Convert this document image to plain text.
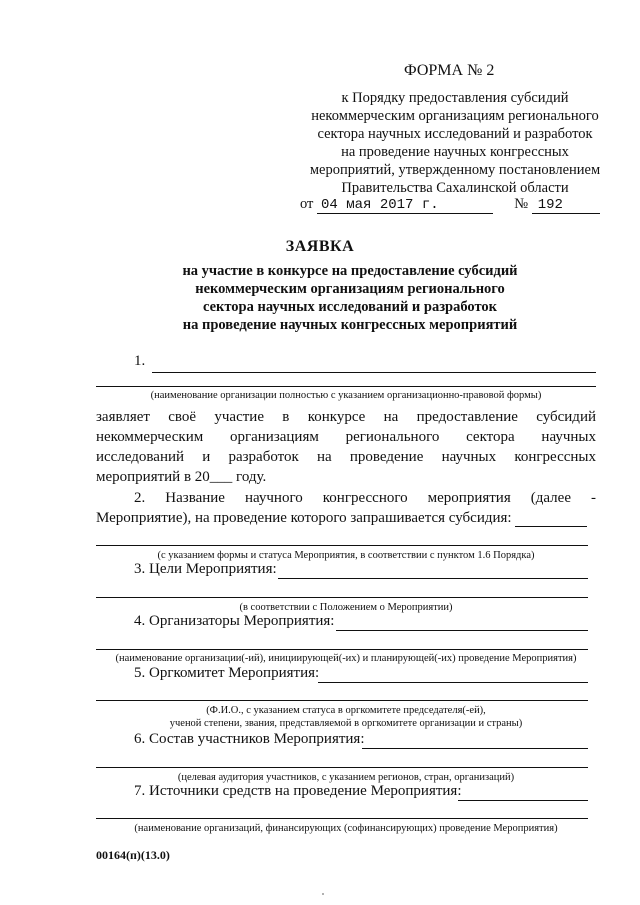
ФОРМА № 2
к Порядку предоставления субсидий
некоммерческим организациям регионального
сектора научных исследований и разработок
на проведение научных конгрессных
мероприятий, утвержденному постановлением
Правительства Сахалинской области
от 04 мая 2017 г.	№ 192
ЗАЯВКА
на участие в конкурсе на предоставление субсидий
некоммерческим организациям регионального
сектора научных исследований и разработок
на проведение научных конгрессных мероприятий
1.
(наименование организации полностью с указанием организационно-правовой формы)
заявляет своё участие в конкурсе на предоставление субсидий
некоммерческим организациям регионального сектора научных
исследований и разработок на проведение научных конгрессных
мероприятий в 20___ году.
2. Название научного конгрессного мероприятия (далее -
Мероприятие), на проведение которого запрашивается субсидия:
(с указанием формы и статуса Мероприятия, в соответствии с пунктом 1.6 Порядка)
3. Цели Мероприятия:
(в соответствии с Положением о Мероприятии)
4. Организаторы Мероприятия:
(наименование организации(-ий), инициирующей(-их) и планирующей(-их) проведение Мероприятия)
5. Оргкомитет Мероприятия:
(Ф.И.О., с указанием статуса в оргкомитете председателя(-ей),
ученой степени, звания, представляемой в оргкомитете организации и страны)
6. Состав участников Мероприятия:
(целевая аудитория участников, с указанием регионов, стран, организаций)
7. Источники средств на проведение Мероприятия:
(наименование организаций, финансирующих (софинансирующих) проведение Мероприятия)
00164(п)(13.0)
